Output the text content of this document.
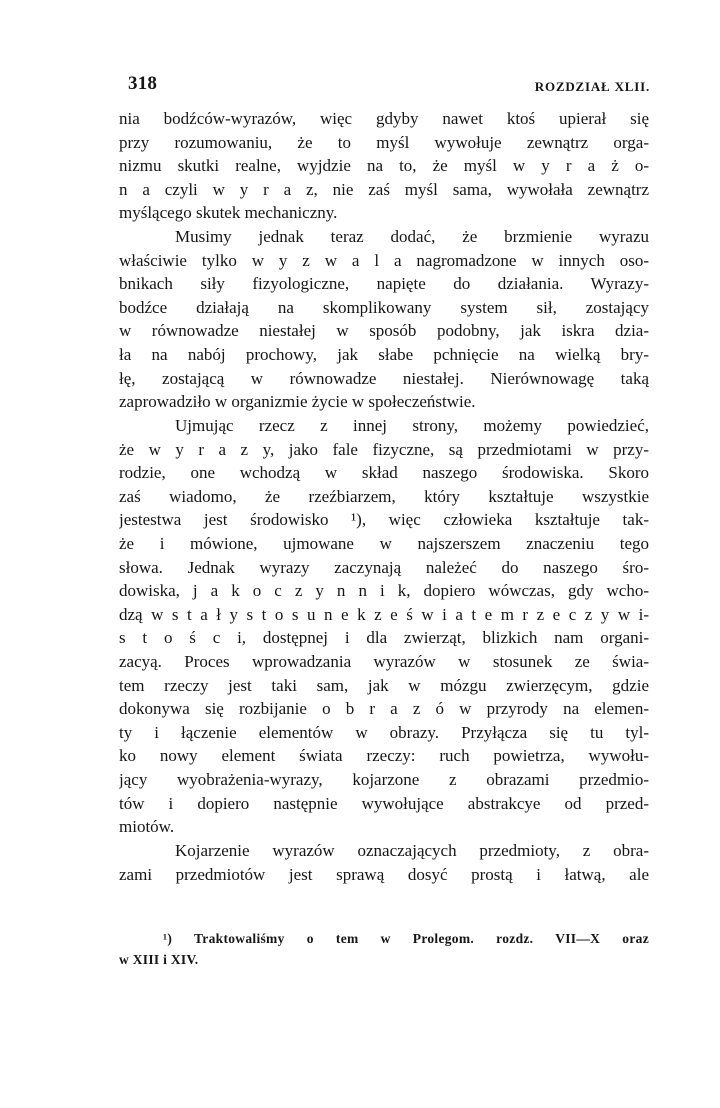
318	ROZDZIAŁ XLII.
nia bodźców-wyrazów, więc gdyby nawet ktoś upierał się
przy rozumowaniu, że to myśl wywołuje zewnątrz orga-
nizmu skutki realne, wyjdzie na to, że myśl w y r a ż o-
n a czyli w y r a z, nie zaś myśl sama, wywołała zewnątrz
myślącego skutek mechaniczny.
Musimy jednak teraz dodać, że brzmienie wyrazu
właściwie tylko w y z w a l a nagromadzone w innych oso-
bnikach siły fizyologiczne, napięte do działania. Wyrazy-
bodźce działają na skomplikowany system sił, zostający
w równowadze niestałej w sposób podobny, jak iskra dzia-
ła na nabój prochowy, jak słabe pchnięcie na wielką bry-
łę, zostającą w równowadze niestałej. Nierównowagę taką
zaprowadziło w organizmie życie w społeczeństwie.
Ujmując rzecz z innej strony, możemy powiedzieć,
że w y r a z y, jako fale fizyczne, są przedmiotami w przy-
rodzie, one wchodzą w skład naszego środowiska. Skoro
zaś wiadomo, że rzeźbiarzem, który kształtuje wszystkie
jestestwa jest środowisko ¹), więc człowieka kształtuje tak-
że i mówione, ujmowane w najszerszem znaczeniu tego
słowa. Jednak wyrazy zaczynają należeć do naszego śro-
dowiska, j a k o c z y n n i k, dopiero wówczas, gdy wcho-
dzą w s t a ł y s t o s u n e k z e ś w i a t e m r z e c z y w i-
s t o ś c i, dostępnej i dla zwierząt, blizkich nam organi-
zacyą. Proces wprowadzania wyrazów w stosunek ze świa-
tem rzeczy jest taki sam, jak w mózgu zwierzęcym, gdzie
dokonywa się rozbijanie o b r a z ó w przyrody na elemen-
ty i łączenie elementów w obrazy. Przyłącza się tu tyl-
ko nowy element świata rzeczy: ruch powietrza, wywołu-
jący wyobrażenia-wyrazy, kojarzone z obrazami przedmio-
tów i dopiero następnie wywołujące abstrakcye od przed-
miotów.
Kojarzenie wyrazów oznaczających przedmioty, z obra-
zami przedmiotów jest sprawą dosyć prostą i łatwą, ale
¹) Traktowaliśmy o tem w Prolegom. rozdz. VII—X oraz
w XIII i XIV.
